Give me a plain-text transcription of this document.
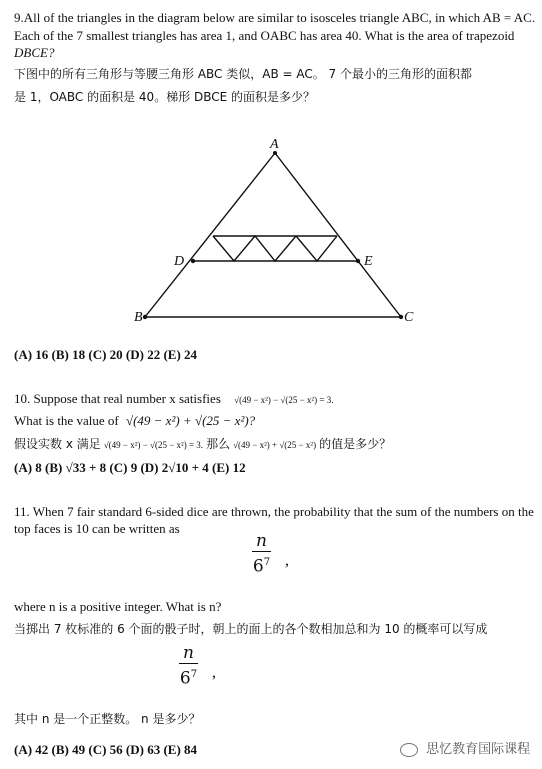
9.All of the triangles in the diagram below are similar to isosceles triangle ABC, in which AB = AC.
Each of the 7 smallest triangles has area 1, and OABC has area 40. What is the area of trapezoid
DBCE?
下图中的所有三角形与等腰三角形 ABC 类似，AB = AC。 7 个最小的三角形的面积都
是 1，OABC 的面积是 40。梯形 DBCE 的面积是多少？
A
B	C
D	E
(A) 16 (B) 18 (C) 20 (D) 22 (E) 24
10. Suppose that real number x satisfies √(49 − x²) − √(25 − x²) = 3.
What is the value of √(49 − x²) + √(25 − x²)?
假设实数 x 满足 √(49 − x²) − √(25 − x²) = 3. 那么 √(49 − x²) + √(25 − x²) 的值是多少？
(A) 8 (B) √33 + 8 (C) 9 (D) 2√10 + 4 (E) 12
11. When 7 fair standard 6-sided dice are thrown, the probability that the sum of the numbers on the
top faces is 10 can be written as
$\frac{n}{6^7}$ ,
where n is a positive integer. What is n?
当掷出 7 枚标准的 6 个面的骰子时，朝上的面上的各个数相加总和为 10 的概率可以写成
$\frac{n}{6^7}$ ,
其中 n 是一个正整数。 n 是多少？
(A) 42 (B) 49 (C) 56 (D) 63 (E) 84	思忆教育国际课程
